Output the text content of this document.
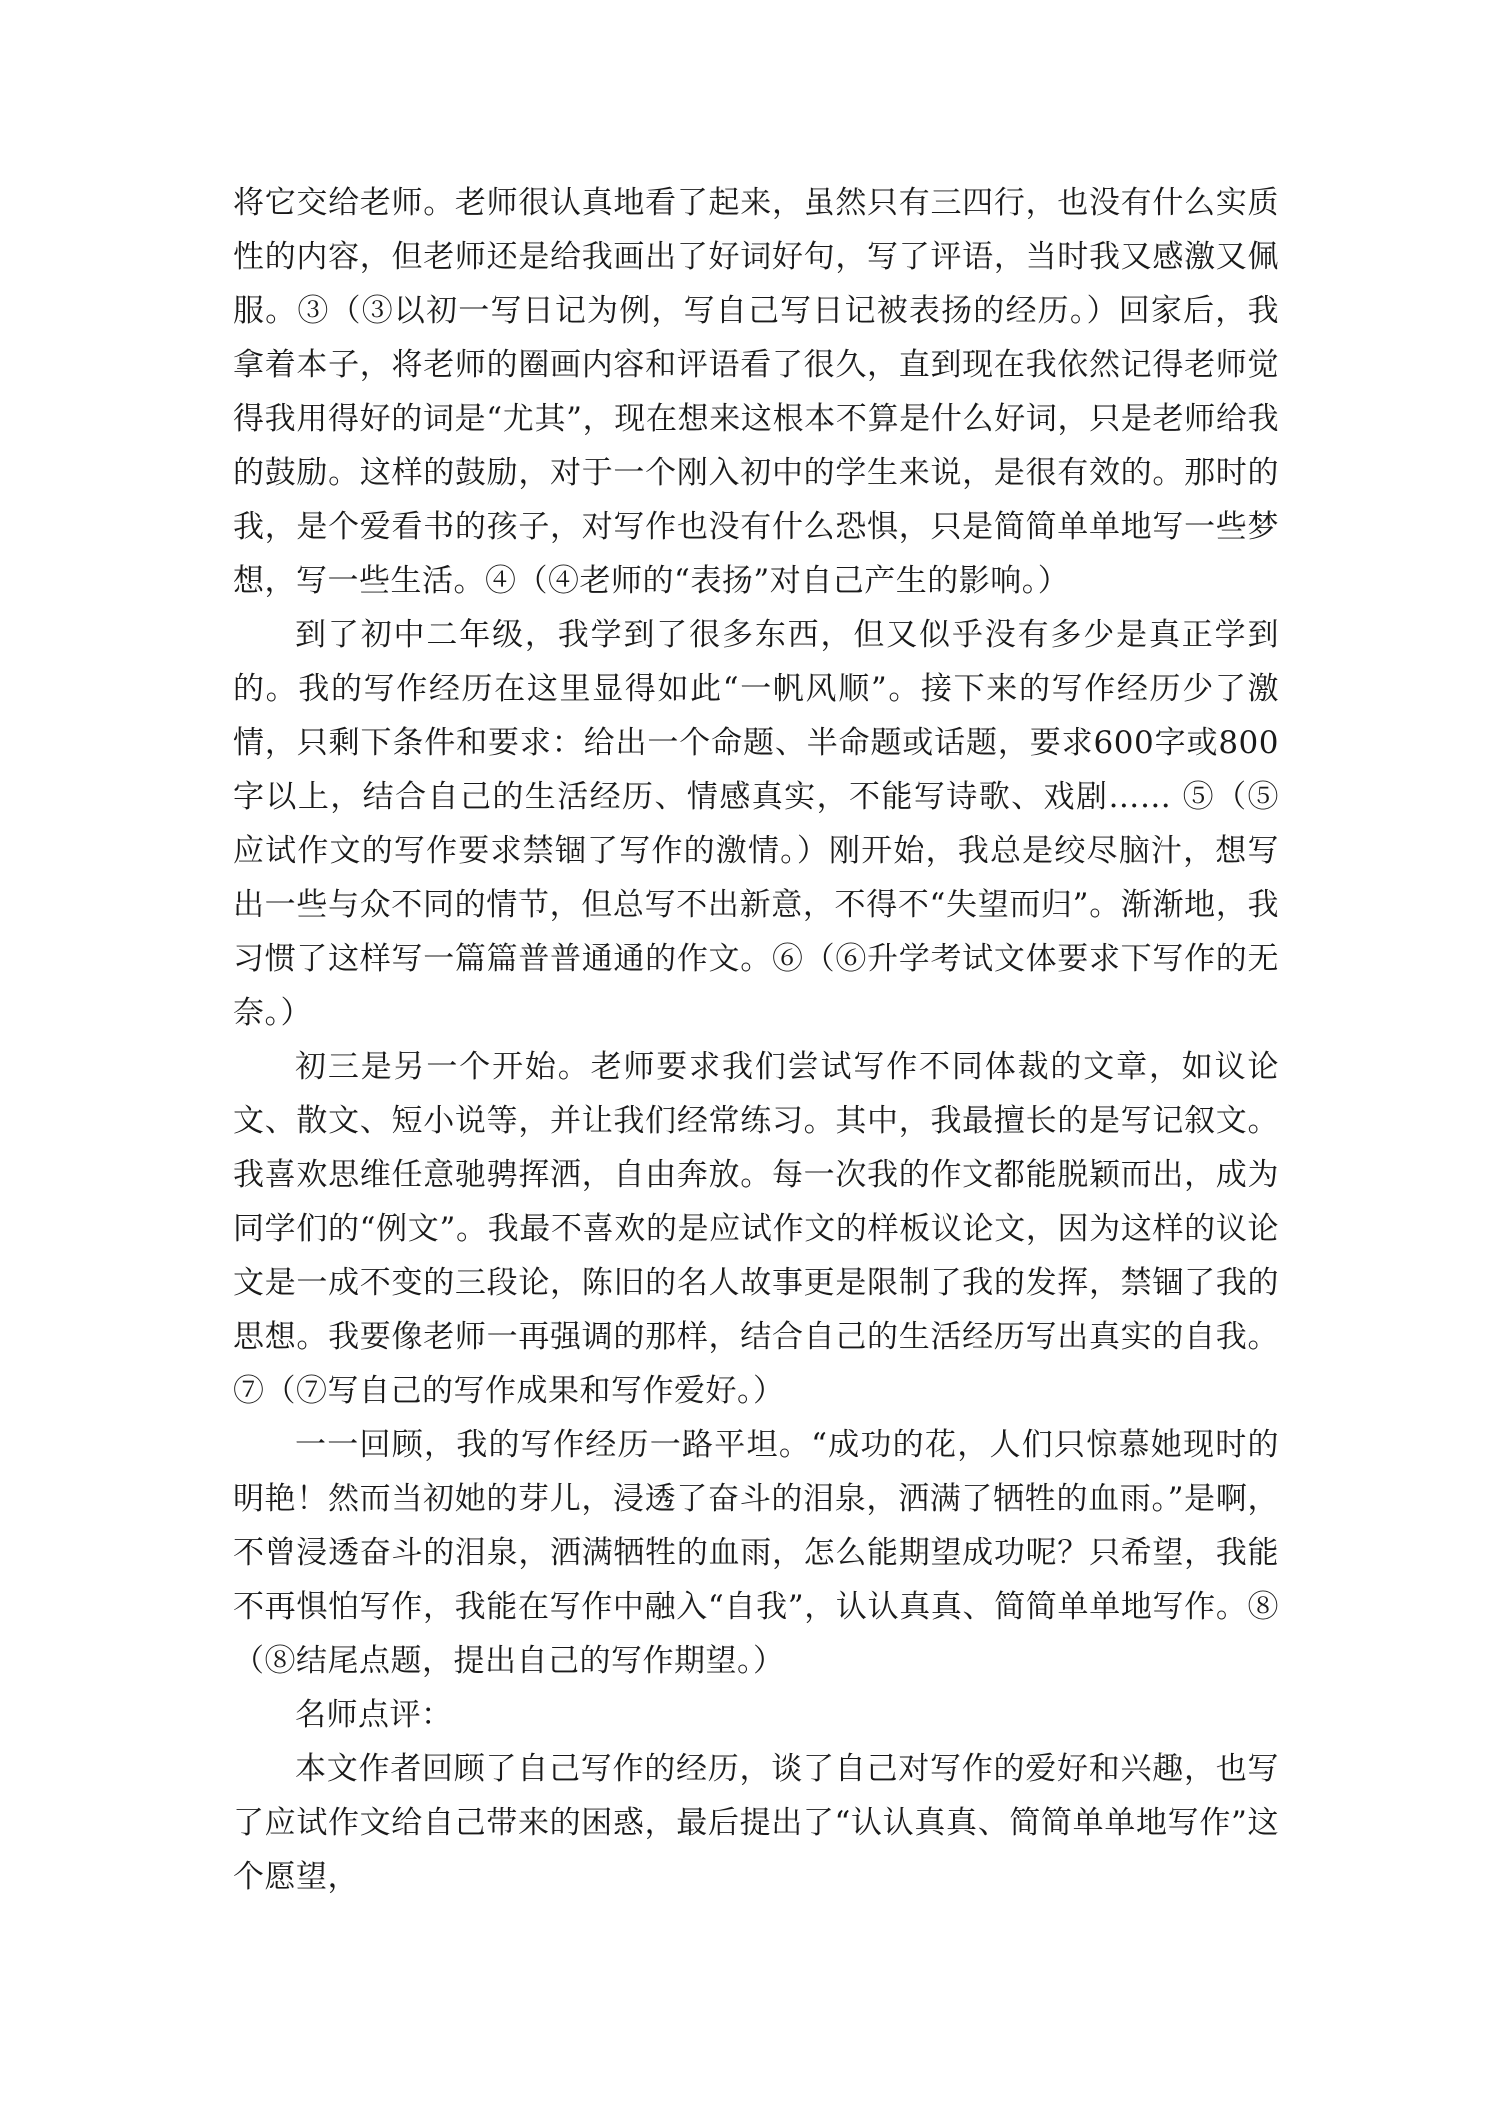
将它交给老师。老师很认真地看了起来，虽然只有三四行，也没有什么实质性的内容，但老师还是给我画出了好词好句，写了评语，当时我又感激又佩服。③（③以初一写日记为例，写自己写日记被表扬的经历。）回家后，我拿着本子，将老师的圈画内容和评语看了很久，直到现在我依然记得老师觉得我用得好的词是“尤其”，现在想来这根本不算是什么好词，只是老师给我的鼓励。这样的鼓励，对于一个刚入初中的学生来说，是很有效的。那时的我，是个爱看书的孩子，对写作也没有什么恐惧，只是简简单单地写一些梦想，写一些生活。④（④老师的“表扬”对自己产生的影响。）

到了初中二年级，我学到了很多东西，但又似乎没有多少是真正学到的。我的写作经历在这里显得如此“一帆风顺”。接下来的写作经历少了激情，只剩下条件和要求：给出一个命题、半命题或话题，要求600字或800字以上，结合自己的生活经历、情感真实，不能写诗歌、戏剧…… ⑤（⑤应试作文的写作要求禁锢了写作的激情。）刚开始，我总是绞尽脑汁，想写出一些与众不同的情节，但总写不出新意，不得不“失望而归”。渐渐地，我习惯了这样写一篇篇普普通通的作文。⑥（⑥升学考试文体要求下写作的无奈。）

初三是另一个开始。老师要求我们尝试写作不同体裁的文章，如议论文、散文、短小说等，并让我们经常练习。其中，我最擅长的是写记叙文。我喜欢思维任意驰骋挥洒，自由奔放。每一次我的作文都能脱颖而出，成为同学们的“例文”。我最不喜欢的是应试作文的样板议论文，因为这样的议论文是一成不变的三段论，陈旧的名人故事更是限制了我的发挥，禁锢了我的思想。我要像老师一再强调的那样，结合自己的生活经历写出真实的自我。⑦（⑦写自己的写作成果和写作爱好。）

一一回顾，我的写作经历一路平坦。“成功的花，人们只惊慕她现时的明艳！然而当初她的芽儿，浸透了奋斗的泪泉，洒满了牺牲的血雨。”是啊，不曾浸透奋斗的泪泉，洒满牺牲的血雨，怎么能期望成功呢？只希望，我能不再惧怕写作，我能在写作中融入“自我”，认认真真、简简单单地写作。⑧（⑧结尾点题，提出自己的写作期望。）

名师点评：

本文作者回顾了自己写作的经历，谈了自己对写作的爱好和兴趣，也写了应试作文给自己带来的困惑，最后提出了“认认真真、简简单单地写作”这个愿望，
